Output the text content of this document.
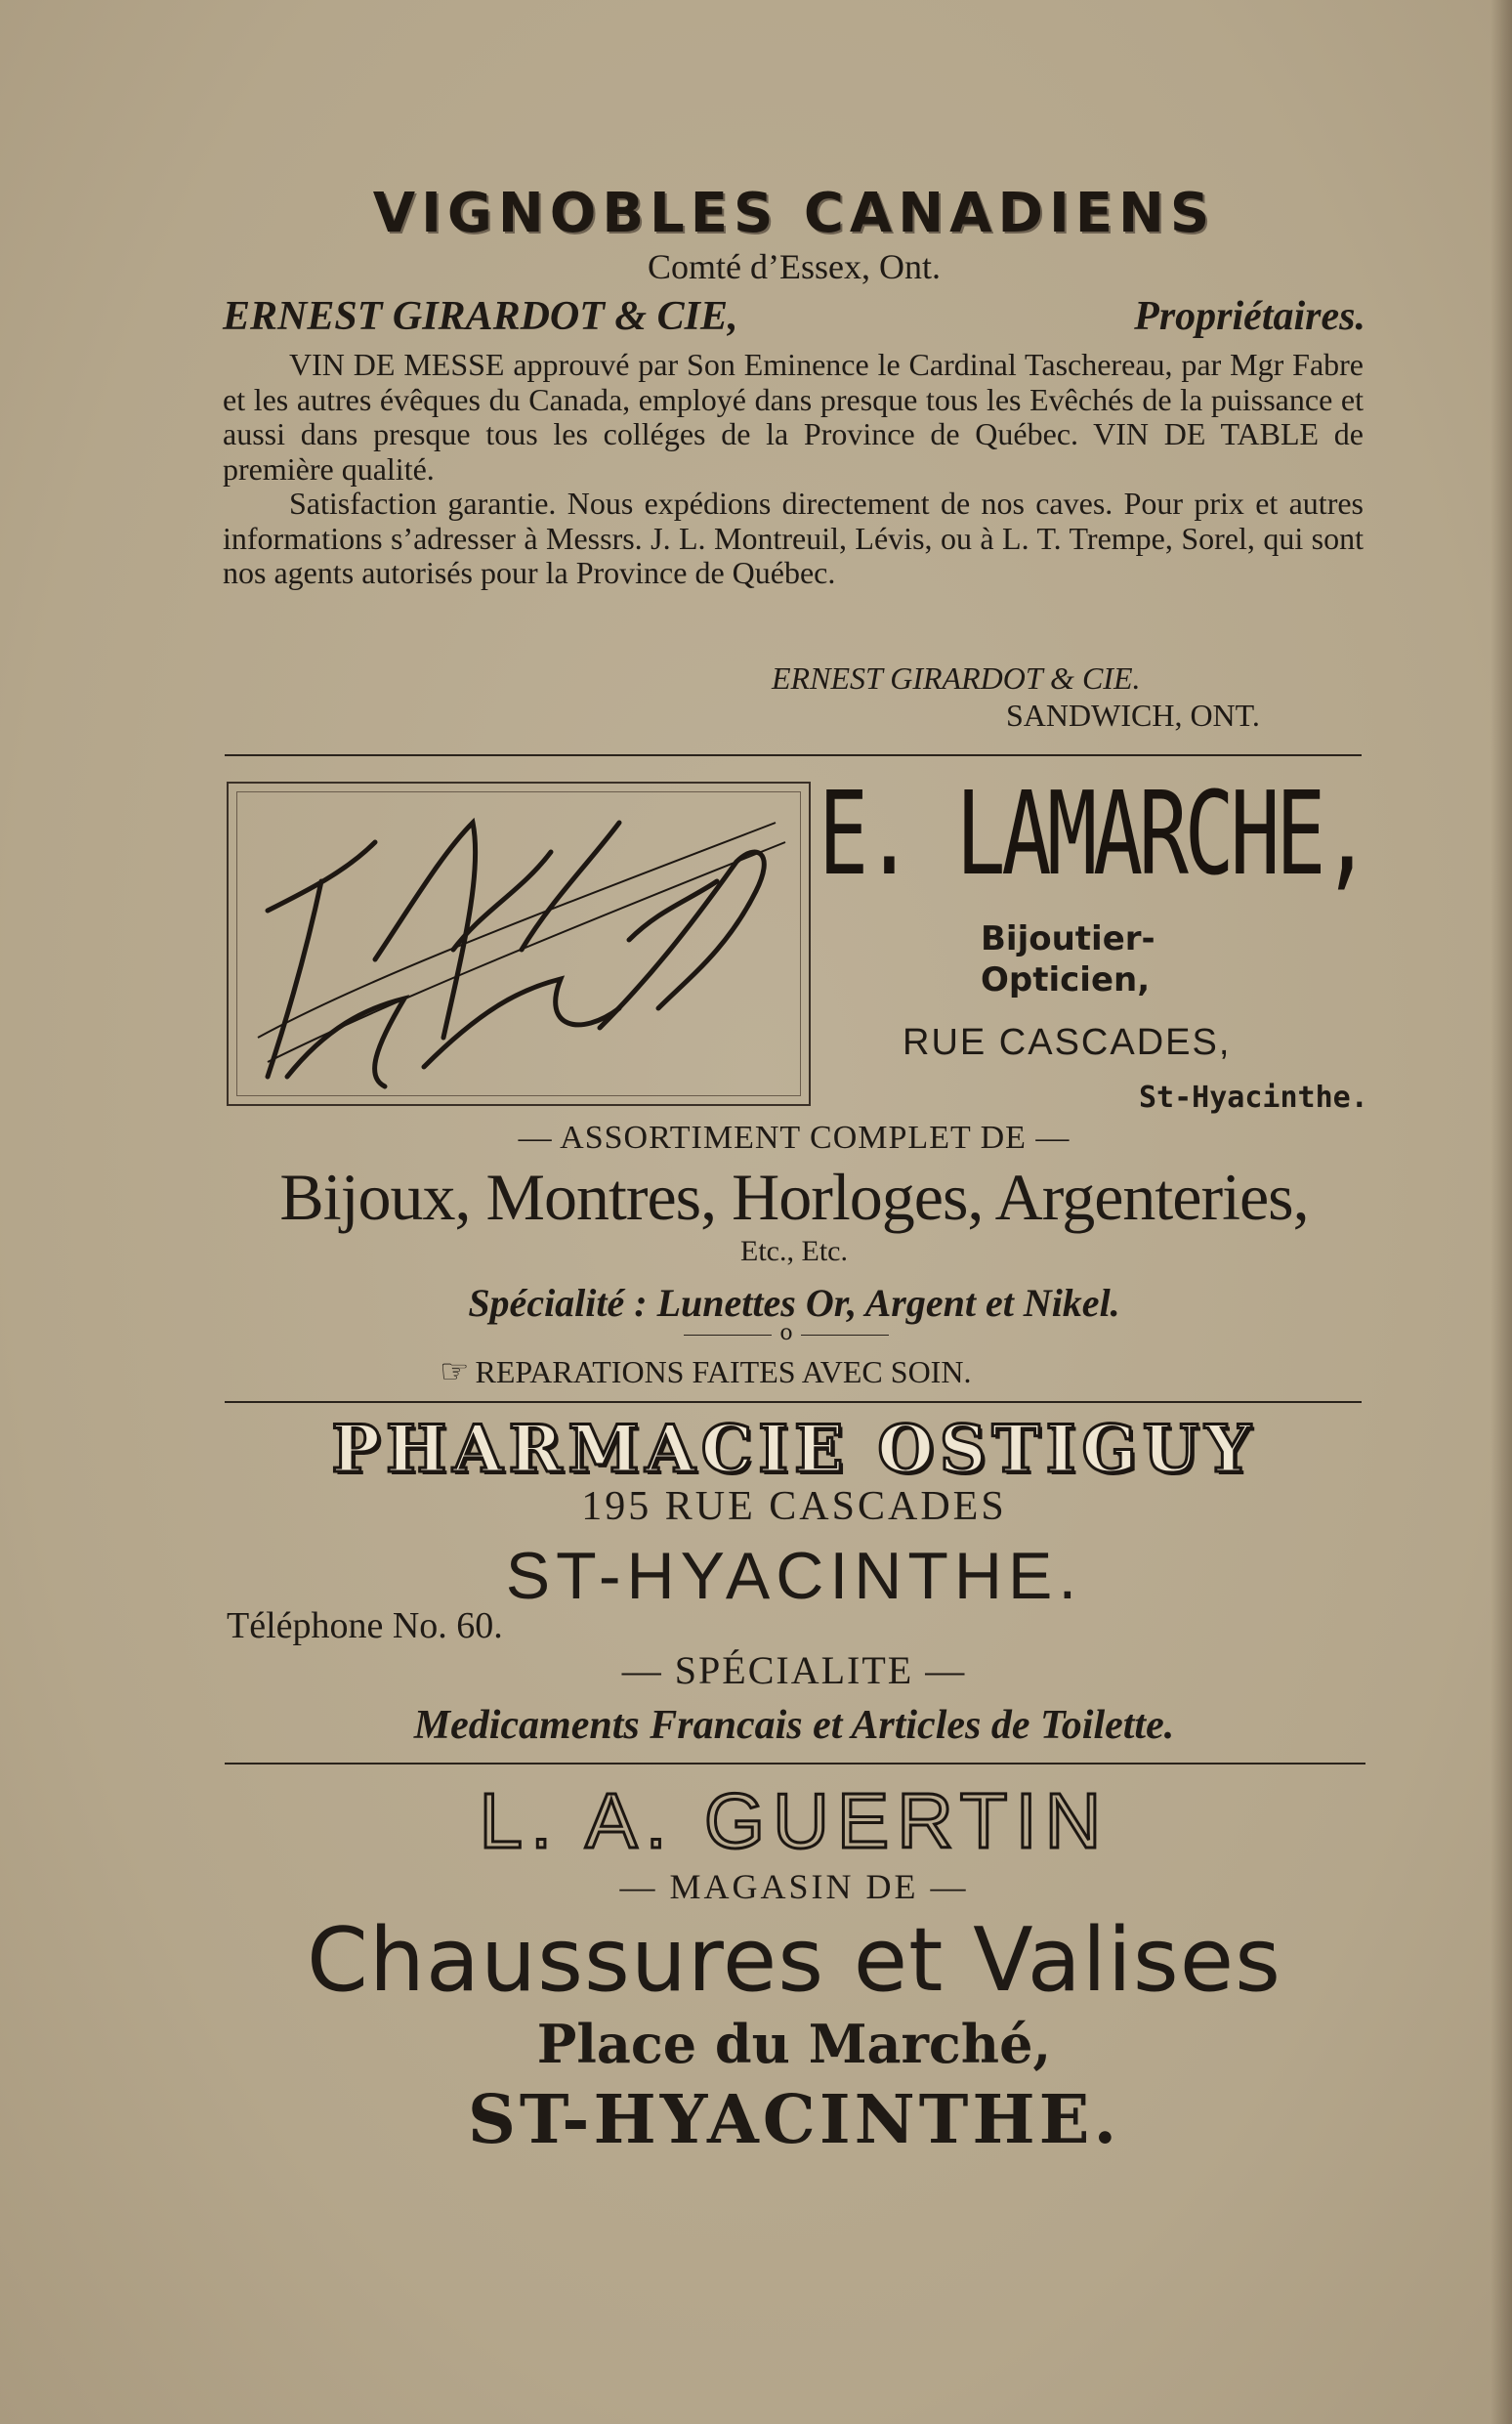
VIGNOBLES CANADIENS
Comté d’Essex, Ont.
ERNEST GIRARDOT & CIE,	Propriétaires.

VIN DE MESSE approuvé par Son Eminence le Cardinal Taschereau, par Mgr Fabre et les autres évêques du Canada, employé dans presque tous les Evêchés de la puissance et aussi dans presque tous les colléges de la Province de Québec. VIN DE TABLE de première qualité.

Satisfaction garantie. Nous expédions directement de nos caves. Pour prix et autres informations s’adresser à Messrs. J. L. Montreuil, Lévis, ou à L. T. Trempe, Sorel, qui sont nos agents autorisés pour la Province de Québec.

ERNEST GIRARDOT & CIE.
SANDWICH, ONT.
E. LAMARCHE,
Bijoutier-
Opticien,
RUE CASCADES,
St-Hyacinthe.
— ASSORTIMENT COMPLET DE —
Bijoux, Montres, Horloges, Argenteries,
Etc., Etc.
Spécialité : Lunettes Or, Argent et Nikel.
o
☞ REPARATIONS FAITES AVEC SOIN.
PHARMACIE OSTIGUY
195 RUE CASCADES
ST-HYACINTHE.
Téléphone No. 60.
— SPÉCIALITE —
Medicaments Francais et Articles de Toilette.
L. A. GUERTIN
— MAGASIN DE —
Chaussures et Valises
Place du Marché,
ST-HYACINTHE.
